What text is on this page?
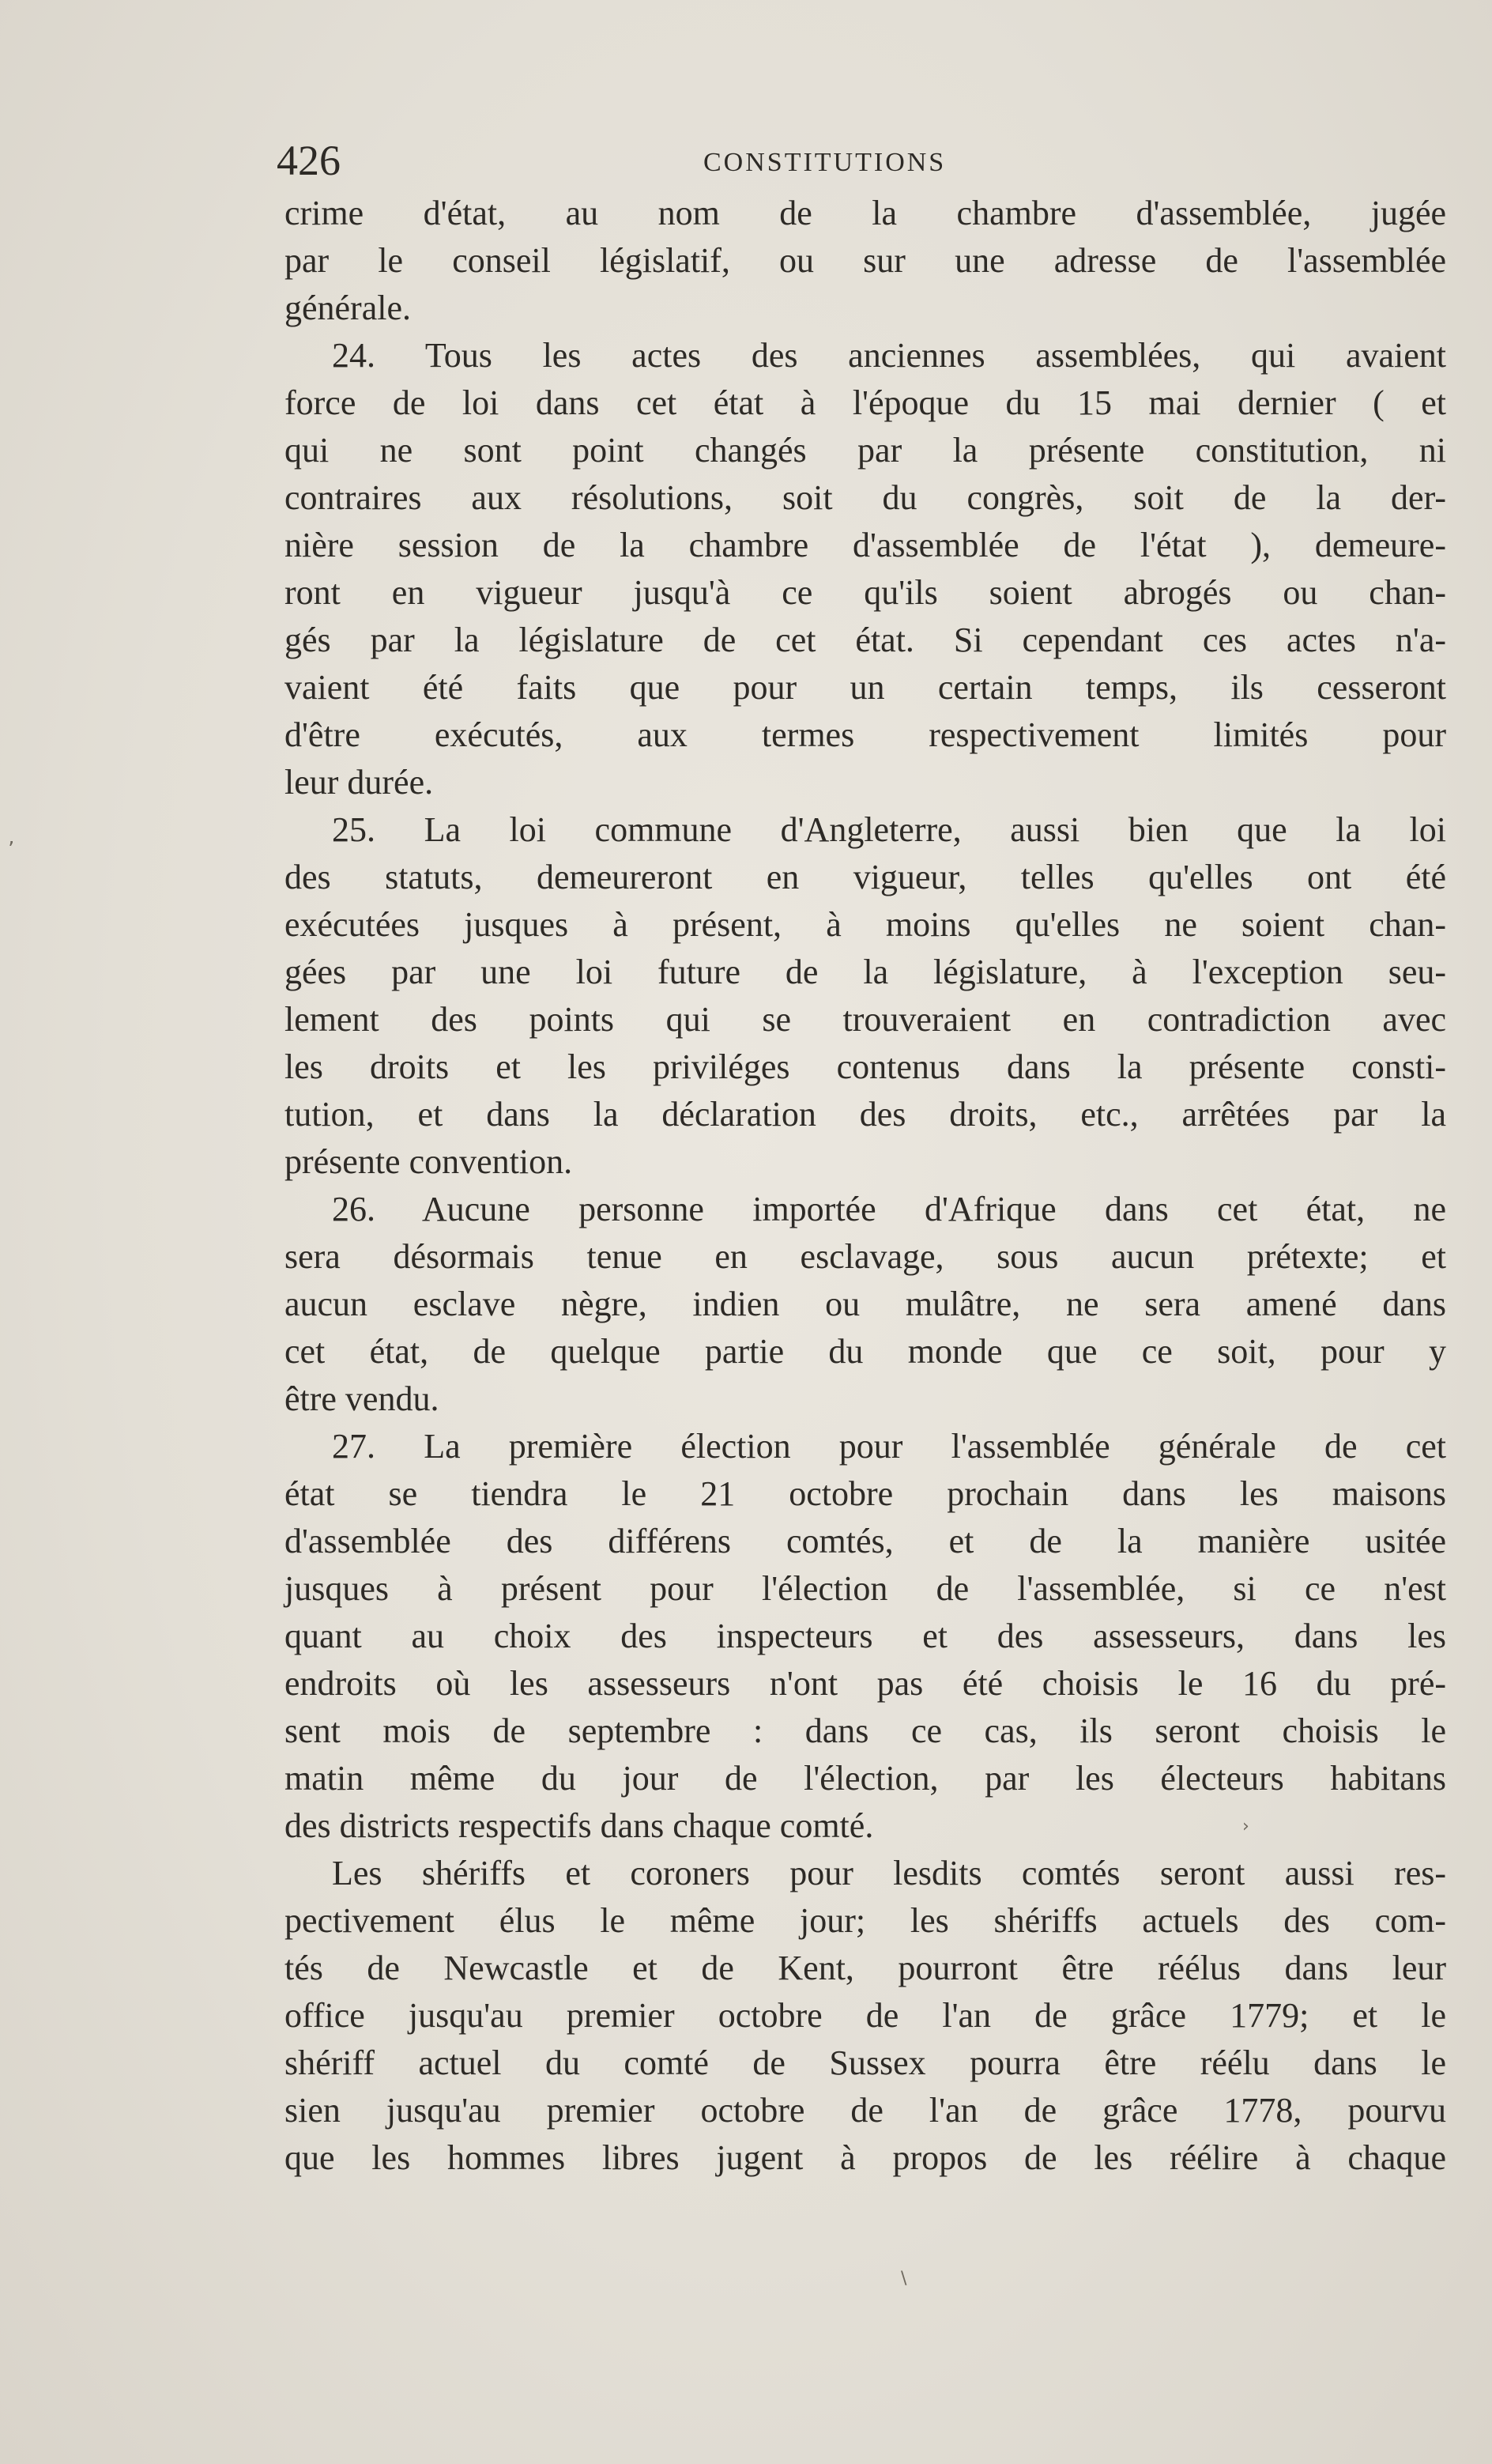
426	CONSTITUTIONS
crime d'état, au nom de la chambre d'assemblée, jugée
par le conseil législatif, ou sur une adresse de l'assemblée
générale.
24. Tous les actes des anciennes assemblées, qui avaient
force de loi dans cet état à l'époque du 15 mai dernier ( et
qui ne sont point changés par la présente constitution, ni
contraires aux résolutions, soit du congrès, soit de la der-
nière session de la chambre d'assemblée de l'état ), demeure-
ront en vigueur jusqu'à ce qu'ils soient abrogés ou chan-
gés par la législature de cet état. Si cependant ces actes n'a-
vaient été faits que pour un certain temps, ils cesseront
d'être exécutés, aux termes respectivement limités pour
leur durée.
25. La loi commune d'Angleterre, aussi bien que la loi
des statuts, demeureront en vigueur, telles qu'elles ont été
exécutées jusques à présent, à moins qu'elles ne soient chan-
gées par une loi future de la législature, à l'exception seu-
lement des points qui se trouveraient en contradiction avec
les droits et les priviléges contenus dans la présente consti-
tution, et dans la déclaration des droits, etc., arrêtées par la
présente convention.
26. Aucune personne importée d'Afrique dans cet état, ne
sera désormais tenue en esclavage, sous aucun prétexte; et
aucun esclave nègre, indien ou mulâtre, ne sera amené dans
cet état, de quelque partie du monde que ce soit, pour y
être vendu.
27. La première élection pour l'assemblée générale de cet
état se tiendra le 21 octobre prochain dans les maisons
d'assemblée des différens comtés, et de la manière usitée
jusques à présent pour l'élection de l'assemblée, si ce n'est
quant au choix des inspecteurs et des assesseurs, dans les
endroits où les assesseurs n'ont pas été choisis le 16 du pré-
sent mois de septembre : dans ce cas, ils seront choisis le
matin même du jour de l'élection, par les électeurs habitans
des districts respectifs dans chaque comté.
Les shériffs et coroners pour lesdits comtés seront aussi res-
pectivement élus le même jour; les shériffs actuels des com-
tés de Newcastle et de Kent, pourront être réélus dans leur
office jusqu'au premier octobre de l'an de grâce 1779; et le
shériff actuel du comté de Sussex pourra être réélu dans le
sien jusqu'au premier octobre de l'an de grâce 1778, pourvu
que les hommes libres jugent à propos de les réélire à chaque
ʼ
›
\
